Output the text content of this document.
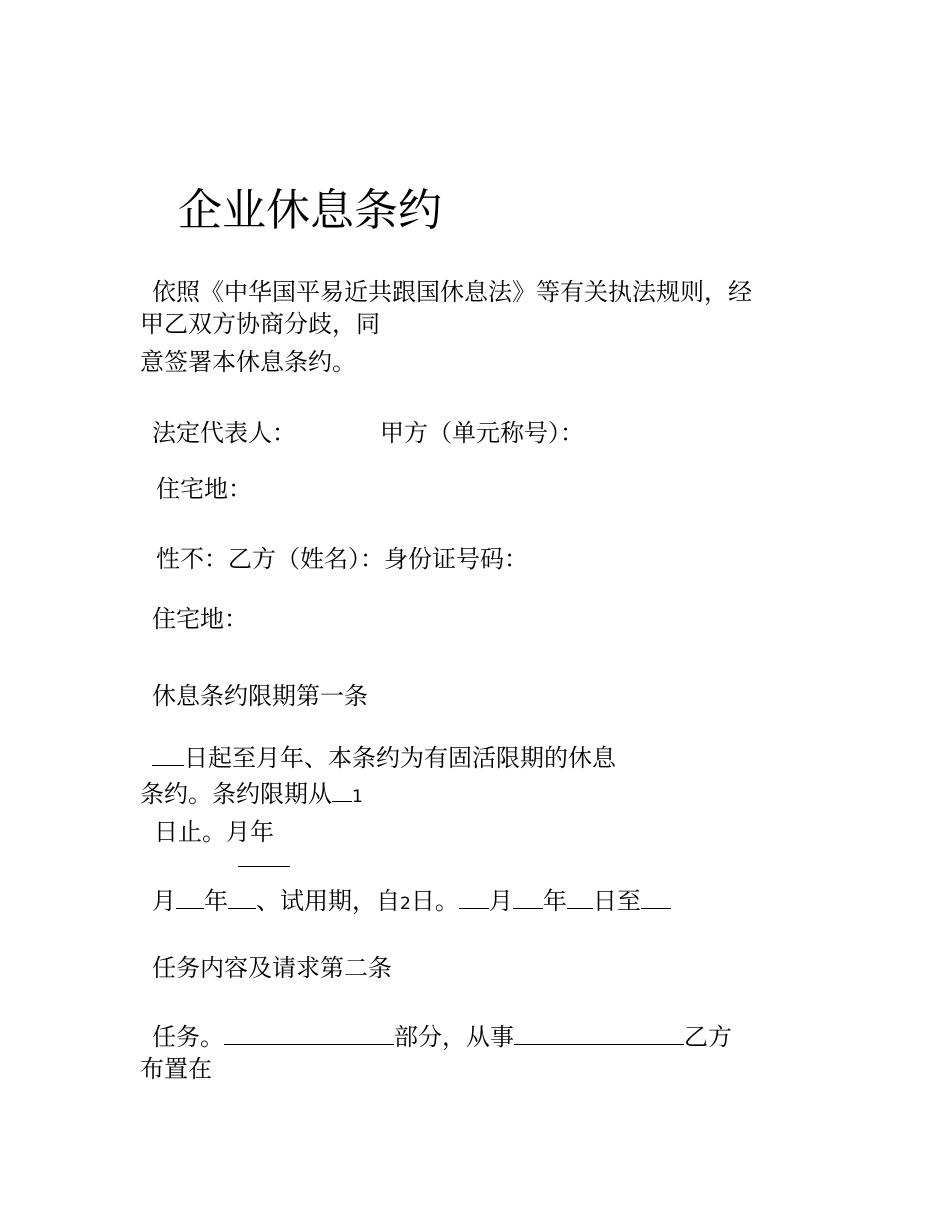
企业休息条约
依照《中华国平易近共跟国休息法》等有关执法规则，经
甲乙双方协商分歧，同
意签署本休息条约。
法定代表人：	甲方（单元称号）：
住宅地：
性不：乙方（姓名）：身份证号码：
住宅地：
休息条约限期第一条
日起至月年、本条约为有固活限期的休息
条约。条约限期从 1
日止。月年
月 年 、试用期，自2日。 月 年 日至
任务内容及请求第二条
任务。	部分，从事	乙方
布置在
